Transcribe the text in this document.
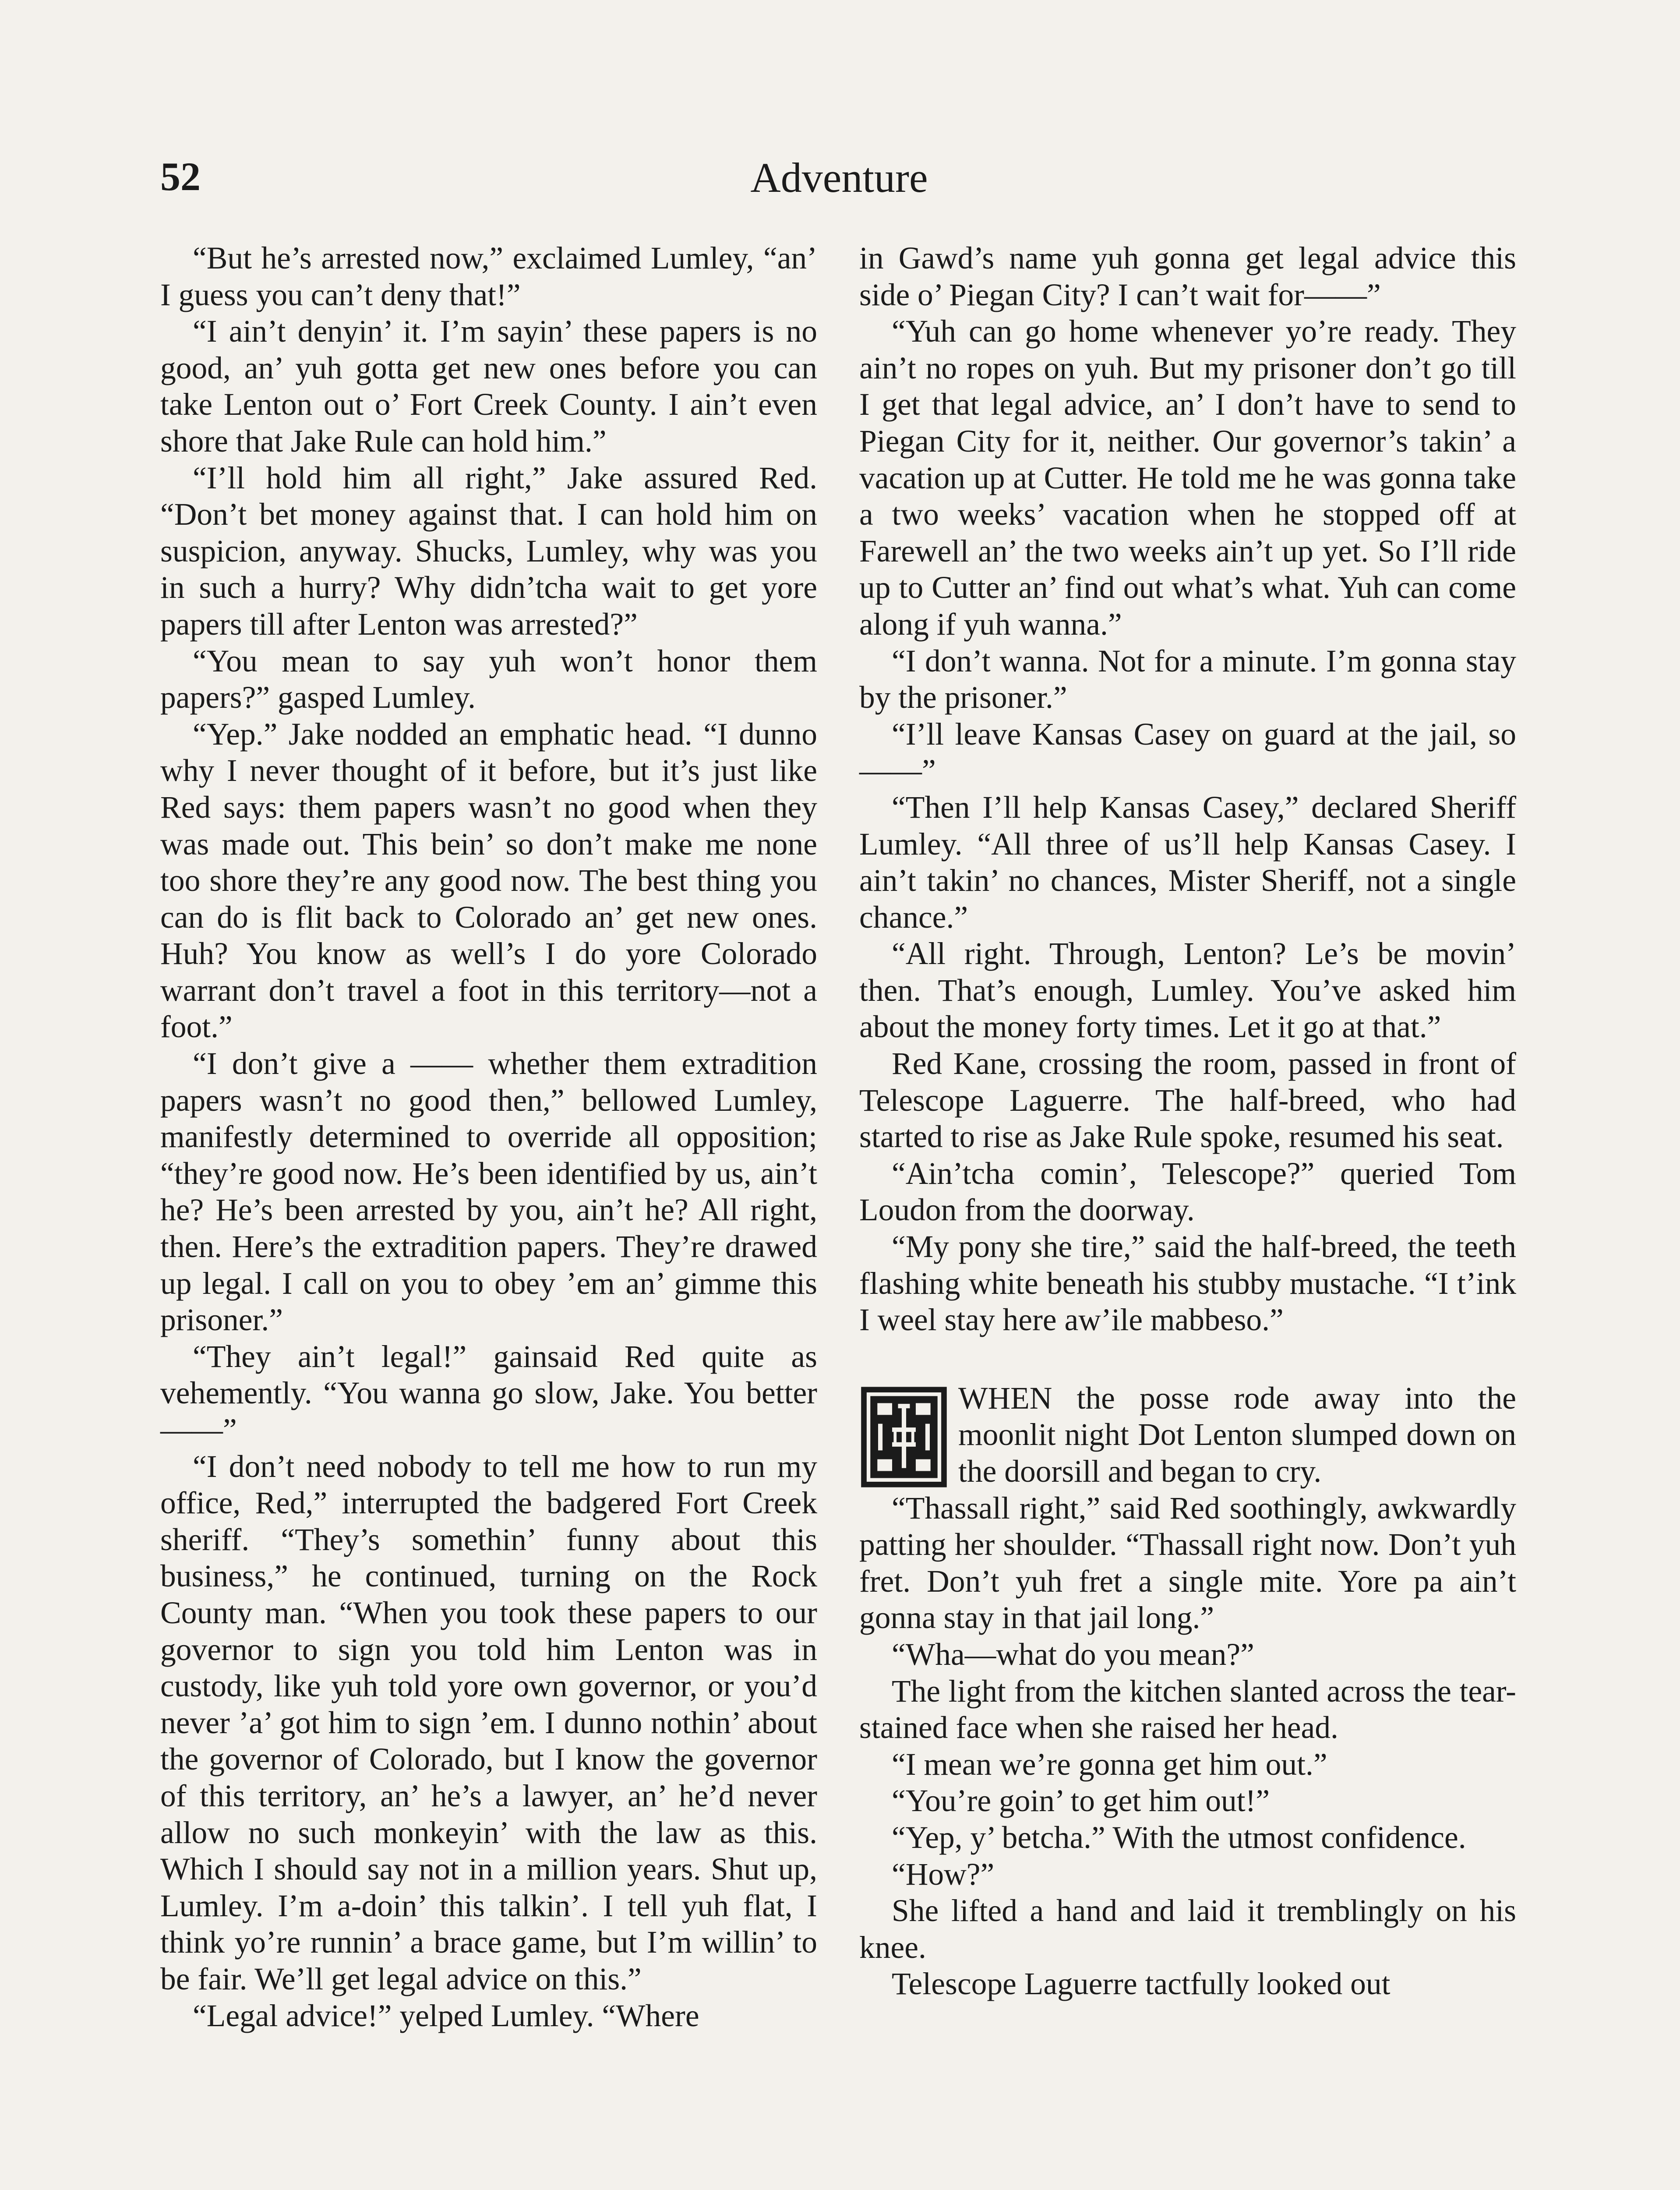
52	Adventure

“But he’s arrested now,” exclaimed Lumley, “an’ I guess you can’t deny that!”

“I ain’t denyin’ it. I’m sayin’ these papers is no good, an’ yuh gotta get new ones before you can take Lenton out o’ Fort Creek County. I ain’t even shore that Jake Rule can hold him.”

“I’ll hold him all right,” Jake assured Red. “Don’t bet money against that. I can hold him on suspicion, anyway. Shucks, Lumley, why was you in such a hurry? Why didn’tcha wait to get yore papers till after Lenton was arrested?”

“You mean to say yuh won’t honor them papers?” gasped Lumley.

“Yep.” Jake nodded an emphatic head. “I dunno why I never thought of it before, but it’s just like Red says: them papers wasn’t no good when they was made out. This bein’ so don’t make me none too shore they’re any good now. The best thing you can do is flit back to Colorado an’ get new ones. Huh? You know as well’s I do yore Colorado warrant don’t travel a foot in this territory—not a foot.”

“I don’t give a —— whether them extradition papers wasn’t no good then,” bellowed Lumley, manifestly determined to override all opposition; “they’re good now. He’s been identified by us, ain’t he? He’s been arrested by you, ain’t he? All right, then. Here’s the extradition papers. They’re drawed up legal. I call on you to obey ’em an’ gimme this prisoner.”

“They ain’t legal!” gainsaid Red quite as vehemently. “You wanna go slow, Jake. You better——”

“I don’t need nobody to tell me how to run my office, Red,” interrupted the badgered Fort Creek sheriff. “They’s somethin’ funny about this business,” he continued, turning on the Rock County man. “When you took these papers to our governor to sign you told him Lenton was in custody, like yuh told yore own governor, or you’d never ’a’ got him to sign ’em. I dunno nothin’ about the governor of Colorado, but I know the governor of this territory, an’ he’s a lawyer, an’ he’d never allow no such monkeyin’ with the law as this. Which I should say not in a million years. Shut up, Lumley. I’m a-doin’ this talkin’. I tell yuh flat, I think yo’re runnin’ a brace game, but I’m willin’ to be fair. We’ll get legal advice on this.”

“Legal advice!” yelped Lumley. “Where

in Gawd’s name yuh gonna get legal advice this side o’ Piegan City? I can’t wait for——”

“Yuh can go home whenever yo’re ready. They ain’t no ropes on yuh. But my prisoner don’t go till I get that legal advice, an’ I don’t have to send to Piegan City for it, neither. Our governor’s takin’ a vacation up at Cutter. He told me he was gonna take a two weeks’ vacation when he stopped off at Farewell an’ the two weeks ain’t up yet. So I’ll ride up to Cutter an’ find out what’s what. Yuh can come along if yuh wanna.”

“I don’t wanna. Not for a minute. I’m gonna stay by the prisoner.”

“I’ll leave Kansas Casey on guard at the jail, so——”

“Then I’ll help Kansas Casey,” declared Sheriff Lumley. “All three of us’ll help Kansas Casey. I ain’t takin’ no chances, Mister Sheriff, not a single chance.”

“All right. Through, Lenton? Le’s be movin’ then. That’s enough, Lumley. You’ve asked him about the money forty times. Let it go at that.”

Red Kane, crossing the room, passed in front of Telescope Laguerre. The half-breed, who had started to rise as Jake Rule spoke, resumed his seat.

“Ain’tcha comin’, Telescope?” queried Tom Loudon from the doorway.

“My pony she tire,” said the half-breed, the teeth flashing white beneath his stubby mustache. “I t’ink I weel stay here aw’ile mabbeso.”

WHEN the posse rode away into the moonlit night Dot Lenton slumped down on the doorsill and began to cry.

“Thassall right,” said Red soothingly, awkwardly patting her shoulder. “Thassall right now. Don’t yuh fret. Don’t yuh fret a single mite. Yore pa ain’t gonna stay in that jail long.”

“Wha—what do you mean?”

The light from the kitchen slanted across the tear-stained face when she raised her head.

“I mean we’re gonna get him out.”

“You’re goin’ to get him out!”

“Yep, y’ betcha.” With the utmost confidence.

“How?”

She lifted a hand and laid it tremblingly on his knee.

Telescope Laguerre tactfully looked out
